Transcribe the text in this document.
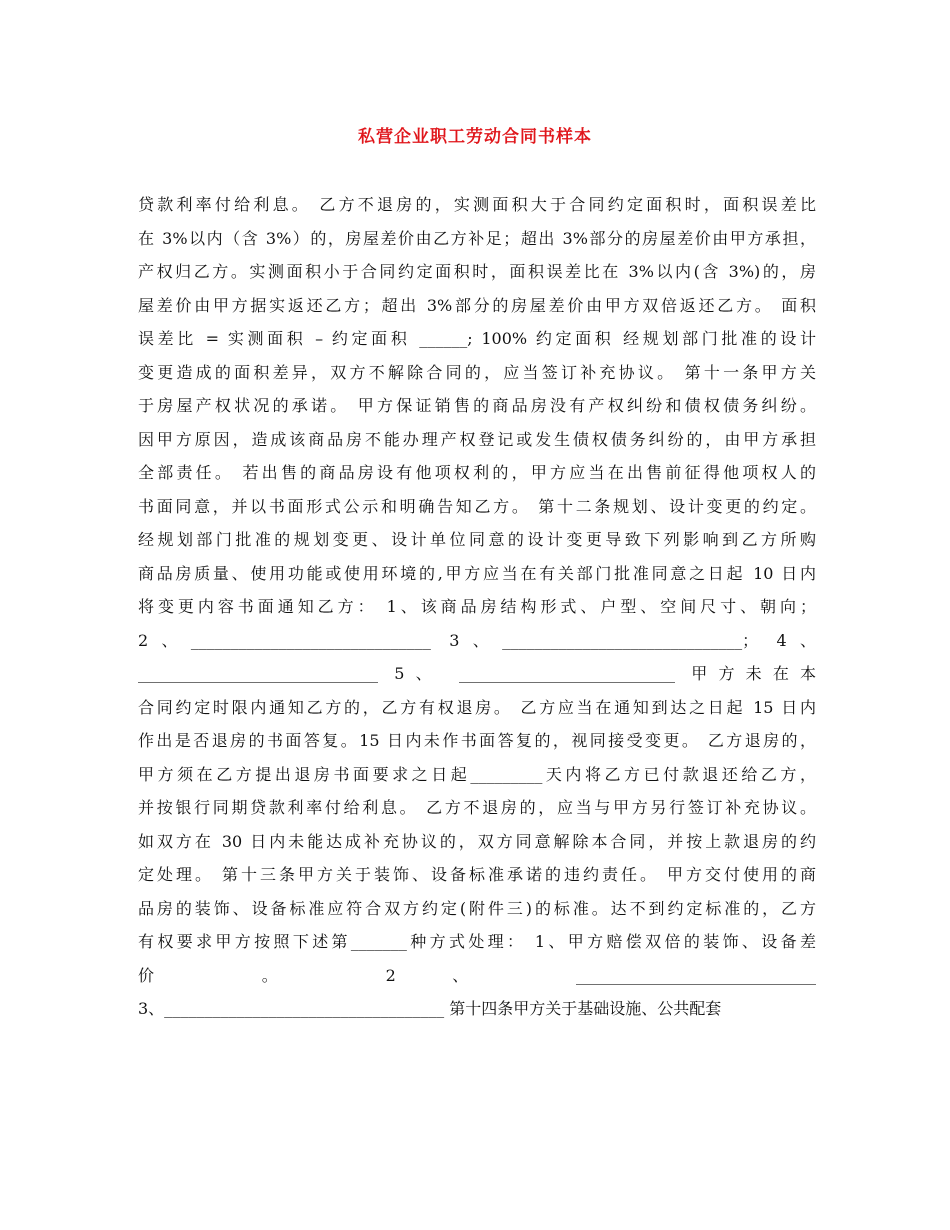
私营企业职工劳动合同书样本
贷款利率付给利息。 乙方不退房的，实测面积大于合同约定面积时，面积误差比
在 3%以内（含 3%）的，房屋差价由乙方补足；超出 3%部分的房屋差价由甲方承担，
产权归乙方。实测面积小于合同约定面积时，面积误差比在 3%以内(含 3%)的，房
屋差价由甲方据实返还乙方；超出 3%部分的房屋差价由甲方双倍返还乙方。 面积
误差比 = 实测面积 – 约定面积 ______; 100% 约定面积 经规划部门批准的设计
变更造成的面积差异，双方不解除合同的，应当签订补充协议。 第十一条甲方关
于房屋产权状况的承诺。 甲方保证销售的商品房没有产权纠纷和债权债务纠纷。
因甲方原因，造成该商品房不能办理产权登记或发生债权债务纠纷的，由甲方承担
全部责任。 若出售的商品房设有他项权利的，甲方应当在出售前征得他项权人的
书面同意，并以书面形式公示和明确告知乙方。 第十二条规划、设计变更的约定。
经规划部门批准的规划变更、设计单位同意的设计变更导致下列影响到乙方所购
商品房质量、使用功能或使用环境的,甲方应当在有关部门批准同意之日起 10 日内
将变更内容书面通知乙方： 1、该商品房结构形式、户型、空间尺寸、朝向；
2、______________________________ 3、______________________________； 4、
______________________________ 5、 ___________________________ 甲方未在本
合同约定时限内通知乙方的，乙方有权退房。 乙方应当在通知到达之日起 15 日内
作出是否退房的书面答复。15 日内未作书面答复的，视同接受变更。 乙方退房的，
甲方须在乙方提出退房书面要求之日起_________天内将乙方已付款退还给乙方，
并按银行同期贷款利率付给利息。 乙方不退房的，应当与甲方另行签订补充协议。
如双方在 30 日内未能达成补充协议的，双方同意解除本合同，并按上款退房的约
定处理。 第十三条甲方关于装饰、设备标准承诺的违约责任。 甲方交付使用的商
品房的装饰、设备标准应符合双方约定(附件三)的标准。达不到约定标准的，乙方
有权要求甲方按照下述第_______种方式处理： 1、甲方赔偿双倍的装饰、设备差
价 。 2 、 ______________________________
3、___________________________________ 第十四条甲方关于基础设施、公共配套
